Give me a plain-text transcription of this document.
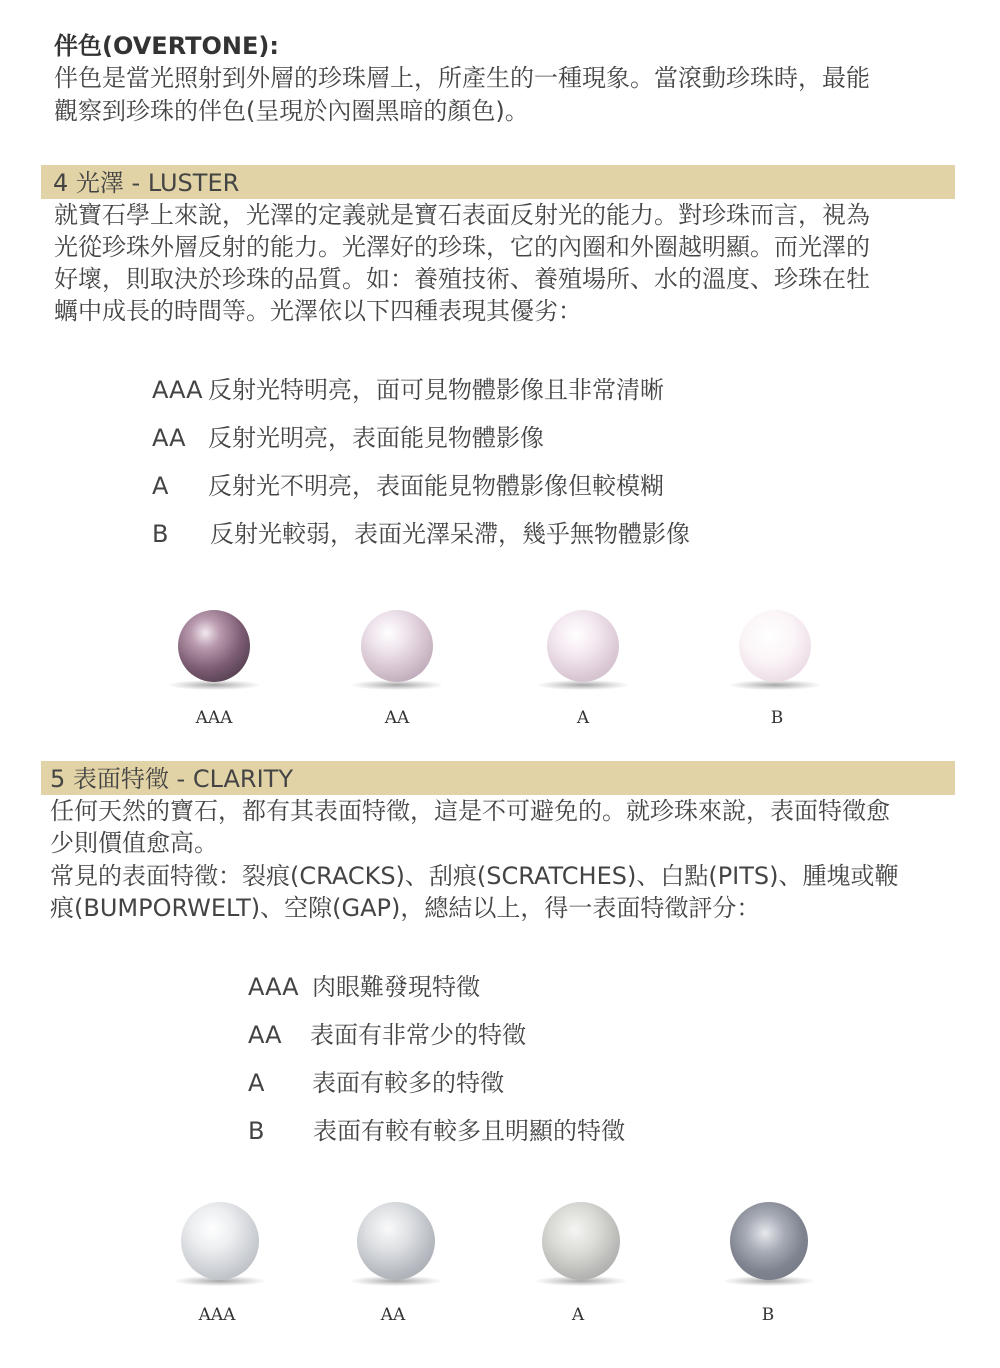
伴色(OVERTONE):
伴色是當光照射到外層的珍珠層上，所產生的一種現象。當滾動珍珠時，最能
觀察到珍珠的伴色(呈現於內圈黑暗的顏色)。
4 光澤 - LUSTER
就寶石學上來說，光澤的定義就是寶石表面反射光的能力。對珍珠而言，視為
光從珍珠外層反射的能力。光澤好的珍珠，它的內圈和外圈越明顯。而光澤的
好壞，則取決於珍珠的品質。如：養殖技術、養殖場所、水的溫度、珍珠在牡
蠣中成長的時間等。光澤依以下四種表現其優劣：
AAA 反射光特明亮，面可見物體影像且非常清晰
AA 反射光明亮，表面能見物體影像
A 反射光不明亮，表面能見物體影像但較模糊
B 反射光較弱，表面光澤呆滯，幾乎無物體影像
AAA	AA	A	B
5 表面特徵 - CLARITY
任何天然的寶石，都有其表面特徵，這是不可避免的。就珍珠來說，表面特徵愈
少則價值愈高。
常見的表面特徵：裂痕(CRACKS)、刮痕(SCRATCHES)、白點(PITS)、腫塊或鞭
痕(BUMPORWELT)、空隙(GAP)，總結以上，得一表面特徵評分：
AAA 肉眼難發現特徵
AA 表面有非常少的特徵
A 表面有較多的特徵
B 表面有較有較多且明顯的特徵
AAA	AA	A	B
